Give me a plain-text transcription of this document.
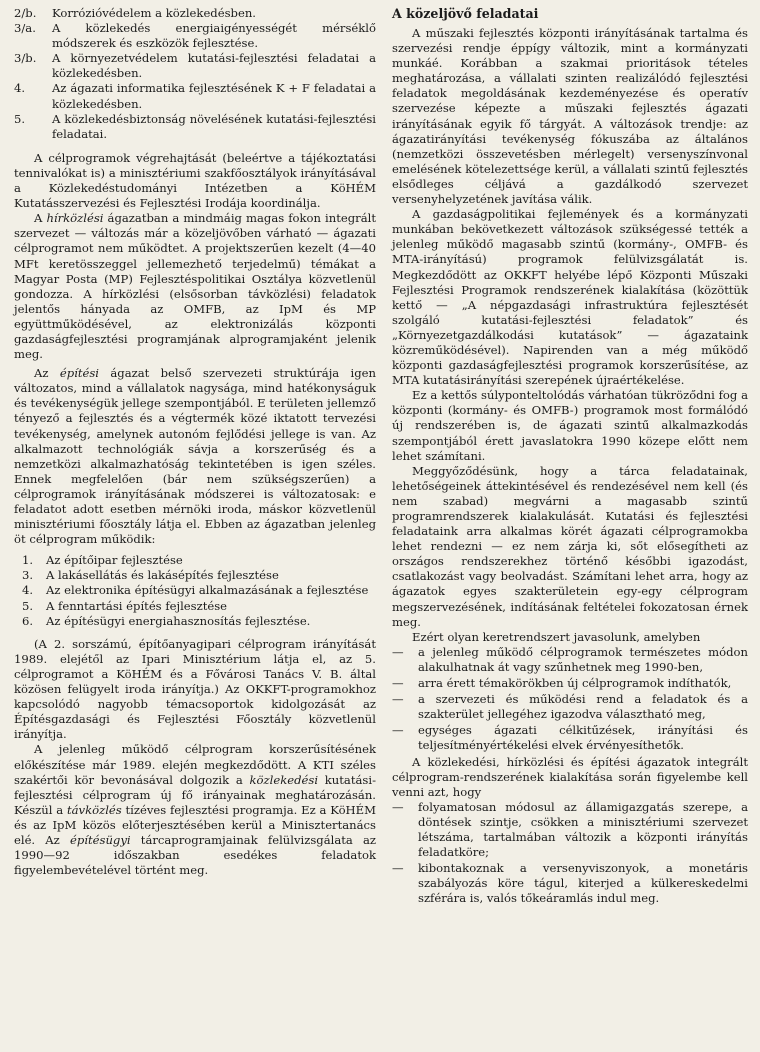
2/b.	Korrózióvédelem a közlekedésben.
3/a.	A közlekedés energiaigényességét mérséklő módszerek és eszközök fejlesztése.
3/b.	A környezetvédelem kutatási-fejlesztési feladatai a közlekedésben.
4.	Az ágazati informatika fejlesztésének K + F feladatai a közlekedésben.
5.	A közlekedésbiztonság növelésének kutatási-fejlesztési feladatai.

A célprogramok végrehajtását (beleértve a tájékoztatási tennivalókat is) a minisztériumi szakfőosztályok irányításával a Közlekedéstudományi Intézetben a KöHÉM Kutatásszervezési és Fejlesztési Irodája koordinálja.

A hírközlési ágazatban a mindmáig magas fokon integrált szervezet — változás már a közeljövőben várható — ágazati célprogramot nem működtet. A projektszerűen kezelt (4—40 MFt keretösszeggel jellemezhető terjedelmű) témákat a Magyar Posta (MP) Fejlesztéspolitikai Osztálya közvetlenül gondozza. A hírközlési (elsősorban távközlési) feladatok jelentős hányada az OMFB, az IpM és MP együttműködésével, az elektronizálás központi gazdaságfejlesztési programjának alprogramjaként jelenik meg.

Az építési ágazat belső szervezeti struktúrája igen változatos, mind a vállalatok nagysága, mind hatékonyságuk és tevékenységük jellege szempontjából. E területen jellemző tényező a fejlesztés és a végtermék közé iktatott tervezési tevékenység, amelynek autonóm fejlődési jellege is van. Az alkalmazott technológiák sávja a korszerűség és a nemzetközi alkalmazhatóság tekintetében is igen széles. Ennek megfelelően (bár nem szükségszerűen) a célprogramok irányításának módszerei is változatosak: e feladatot adott esetben mérnöki iroda, máskor közvetlenül minisztériumi főosztály látja el. Ebben az ágazatban jelenleg öt célprogram működik:

1.	Az építőipar fejlesztése
3.	A lakásellátás és lakásépítés fejlesztése
4.	Az elektronika építésügyi alkalmazásának a fejlesztése
5.	A fenntartási építés fejlesztése
6.	Az építésügyi energiahasznosítás fejlesztése.

(A 2. sorszámú, építőanyagipari célprogram irányítását 1989. elejétől az Ipari Minisztérium látja el, az 5. célprogramot a KöHÉM és a Fővárosi Tanács V. B. által közösen felügyelt iroda irányítja.) Az OKKFT-programokhoz kapcsolódó nagyobb témacsoportok kidolgozását az Építésgazdasági és Fejlesztési Főosztály közvetlenül irányítja.

A jelenleg működő célprogram korszerűsítésének előkészítése már 1989. elején megkezdődött. A KTI széles szakértői kör bevonásával dolgozik a közlekedési kutatási-fejlesztési célprogram új fő irányainak meghatározásán. Készül a távközlés tízéves fejlesztési programja. Ez a KöHÉM és az IpM közös előterjesztésében kerül a Minisztertanács elé. Az építésügyi tárcaprogramjainak felülvizsgálata az 1990—92 időszakban esedékes feladatok figyelembevételével történt meg.

A közeljövő feladatai

A műszaki fejlesztés központi irányításának tartalma és szervezési rendje éppígy változik, mint a kormányzati munkáé. Korábban a szakmai prioritások tételes meghatározása, a vállalati szinten realizálódó fejlesztési feladatok megoldásának kezdeményezése és operatív szervezése képezte a műszaki fejlesztés ágazati irányításának egyik fő tárgyát. A változások trendje: az ágazatirányítási tevékenység fókuszába az általános (nemzetközi összevetésben mérlegelt) versenyszínvonal emelésének kötelezettsége kerül, a vállalati szintű fejlesztés elsődleges céljává a gazdálkodó szervezet versenyhelyzetének javítása válik.

A gazdaságpolitikai fejlemények és a kormányzati munkában bekövetkezett változások szükségessé tették a jelenleg működő magasabb szintű (kormány-, OMFB- és MTA-irányítású) programok felülvizsgálatát is. Megkezdődött az OKKFT helyébe lépő Központi Műszaki Fejlesztési Programok rendszerének kialakítása (közöttük kettő — „A népgazdasági infrastruktúra fejlesztését szolgáló kutatási-fejlesztési feladatok” és „Környezetgazdálkodási kutatások” — ágazataink közreműködésével). Napirenden van a még működő központi gazdaságfejlesztési programok korszerűsítése, az MTA kutatásirányítási szerepének újraértékelése.

Ez a kettős súlyponteltolódás várhatóan tükröződni fog a központi (kormány- és OMFB-) programok most formálódó új rendszerében is, de ágazati szintű alkalmazkodás szempontjából érett javaslatokra 1990 közepe előtt nem lehet számítani.

Meggyőződésünk, hogy a tárca feladatainak, lehetőségeinek áttekintésével és rendezésével nem kell (és nem szabad) megvárni a magasabb szintű programrendszerek kialakulását. Kutatási és fejlesztési feladataink arra alkalmas körét ágazati célprogramokba lehet rendezni — ez nem zárja ki, sőt elősegítheti az országos rendszerekhez történő későbbi igazodást, csatlakozást vagy beolvadást. Számítani lehet arra, hogy az ágazatok egyes szakterületein egy-egy célprogram megszervezésének, indításának feltételei fokozatosan érnek meg.

Ezért olyan keretrendszert javasolunk, amelyben

—	a jelenleg működő célprogramok természetes módon alakulhatnak át vagy szűnhetnek meg 1990-ben,
—	arra érett témakörökben új célprogramok indíthatók,
—	a szervezeti és működési rend a feladatok és a szakterület jellegéhez igazodva választható meg,
—	egységes ágazati célkitűzések, irányítási és teljesítményértékelési elvek érvényesíthetők.

A közlekedési, hírközlési és építési ágazatok integrált célprogram-rendszerének kialakítása során figyelembe kell venni azt, hogy

—	folyamatosan módosul az államigazgatás szerepe, a döntések szintje, csökken a minisztériumi szervezet létszáma, tartalmában változik a központi irányítás feladatköre;
—	kibontakoznak a versenyviszonyok, a monetáris szabályozás köre tágul, kiterjed a külkereskedelmi szférára is, valós tőkeáramlás indul meg.
